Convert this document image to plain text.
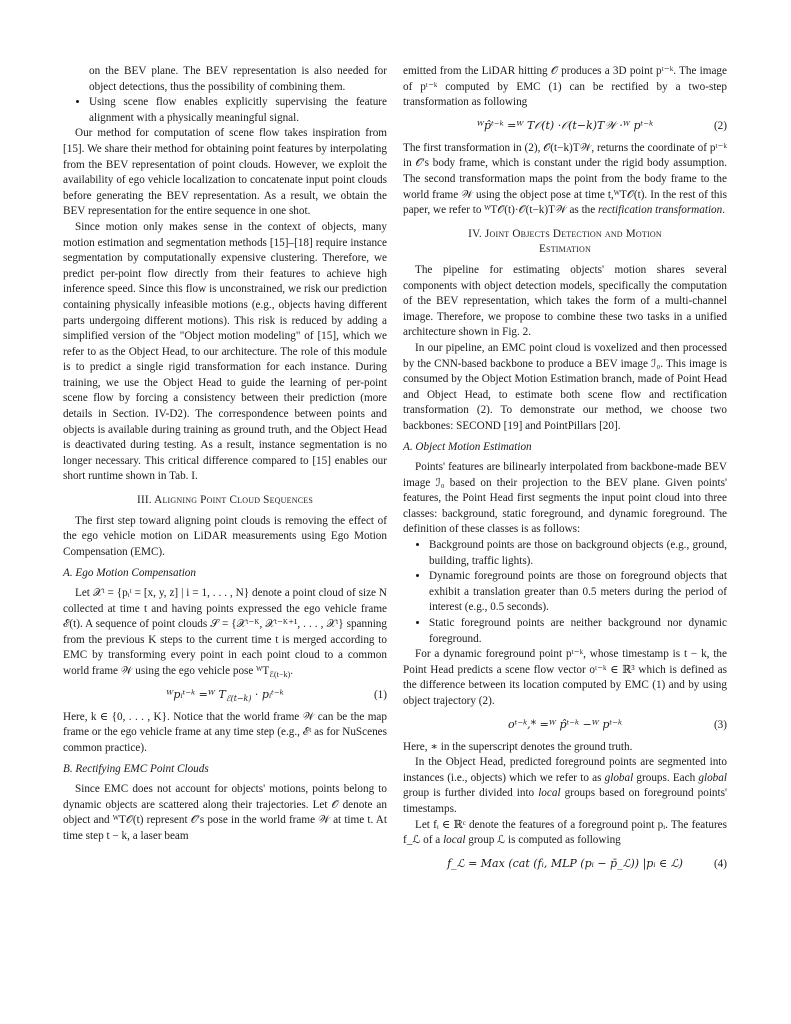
on the BEV plane. The BEV representation is also needed for object detections, thus the possibility of combining them.
• Using scene flow enables explicitly supervising the feature alignment with a physically meaningful signal.

Our method for computation of scene flow takes inspiration from [15]. We share their method for obtaining point features by interpolating from the BEV representation of point clouds. However, we exploit the availability of ego vehicle localization to concatenate input point clouds before generating the BEV representation. As a result, we obtain the BEV representation for the entire sequence in one shot.

Since motion only makes sense in the context of objects, many motion estimation and segmentation methods [15]–[18] require instance segmentation by computationally expensive clustering. Therefore, we predict per-point flow directly from their features to achieve high inference speed. Since this flow is unconstrained, we risk our prediction containing physically infeasible motions (e.g., objects having different parts undergoing different motions). This risk is reduced by adding a simplified version of the "Object motion modeling" of [15], which we refer to as the Object Head, to our architecture. The role of this module is to predict a single rigid transformation for each instance. During training, we use the Object Head to guide the learning of per-point scene flow by forcing a consistency between their prediction (more details in Section. IV-D2). The correspondence between points and objects is available during training as ground truth, and the Object Head is deactivated during testing. As a result, instance segmentation is no longer necessary. This critical difference compared to [15] enables our short runtime shown in Tab. I.

III. Aligning Point Cloud Sequences

The first step toward aligning point clouds is removing the effect of the ego vehicle motion on LiDAR measurements using Ego Motion Compensation (EMC).

A. Ego Motion Compensation

Let 𝒳ᵗ = {pᵢᵗ = [x, y, z] | i = 1, . . . , N} denote a point cloud of size N collected at time t and having points expressed the ego vehicle frame ℰ(t). A sequence of point clouds 𝒮 = {𝒳ᵗ⁻ᴷ, 𝒳ᵗ⁻ᴷ⁺¹, . . . , 𝒳ᵗ} spanning from the previous K steps to the current time t is merged according to EMC by transforming every point in each point cloud to a common world frame 𝒲 using the ego vehicle pose ᵂT$_{ℰ(t-k)}$.

ᵂpᵢᵗ⁻ᵏ =ᵂ $T_{ℰ(t-k)}$ · pᵢᵗ⁻ᵏ	(1)

Here, k ∈ {0, . . . , K}. Notice that the world frame 𝒲 can be the map frame or the ego vehicle frame at any time step (e.g., ℰᵗ as for NuScenes common practice).

B. Rectifying EMC Point Clouds

Since EMC does not account for objects' motions, points belong to dynamic objects are scattered along their trajectories. Let 𝒪 denote an object and ᵂT𝒪(t) represent 𝒪's pose in the world frame 𝒲 at time t. At time step t − k, a laser beam

emitted from the LiDAR hitting 𝒪 produces a 3D point pᵗ⁻ᵏ. The image of pᵗ⁻ᵏ computed by EMC (1) can be rectified by a two-step transformation as following

ᵂp̂ᵗ⁻ᵏ =ᵂ T𝒪(t) ·𝒪(t−k)T𝒲 ·ᵂ pᵗ⁻ᵏ	(2)

The first transformation in (2), 𝒪(t−k)T𝒲, returns the coordinate of pᵗ⁻ᵏ in 𝒪's body frame, which is constant under the rigid body assumption. The second transformation maps the point from the body frame to the world frame 𝒲 using the object pose at time t,ᵂT𝒪(t). In the rest of this paper, we refer to ᵂT𝒪(t)·𝒪(t−k)T𝒲 as the rectification transformation.

IV. Joint Objects Detection and Motion
Estimation

The pipeline for estimating objects' motion shares several components with object detection models, specifically the computation of the BEV representation, which takes the form of a multi-channel image. Therefore, we propose to combine these two tasks in a unified architecture shown in Fig. 2.

In our pipeline, an EMC point cloud is voxelized and then processed by the CNN-based backbone to produce a BEV image ℐ₀. This image is consumed by the Object Motion Estimation branch, made of Point Head and Object Head, to estimate both scene flow and rectification transformation (2). To demonstrate our method, we choose two backbones: SECOND [19] and PointPillars [20].

A. Object Motion Estimation

Points' features are bilinearly interpolated from backbone-made BEV image ℐ₀ based on their projection to the BEV plane. Given points' features, the Point Head first segments the input point cloud into three classes: background, static foreground, and dynamic foreground. The definition of these classes is as follows:

• Background points are those on background objects (e.g., ground, building, traffic lights).
• Dynamic foreground points are those on foreground objects that exhibit a translation greater than 0.5 meters during the period of interest (e.g., 0.5 seconds).
• Static foreground points are neither background nor dynamic foreground.

For a dynamic foreground point pᵗ⁻ᵏ, whose timestamp is t − k, the Point Head predicts a scene flow vector oᵗ⁻ᵏ ∈ ℝ³ which is defined as the difference between its location computed by EMC (1) and by using object trajectory (2).

oᵗ⁻ᵏ,* =ᵂ p̂ᵗ⁻ᵏ −ᵂ pᵗ⁻ᵏ	(3)

Here, ∗ in the superscript denotes the ground truth.

In the Object Head, predicted foreground points are segmented into instances (i.e., objects) which we refer to as global groups. Each global group is further divided into local groups based on foreground points' timestamps.

Let fᵢ ∈ ℝᶜ denote the features of a foreground point pᵢ. The features f_ℒ of a local group ℒ is computed as following

f_ℒ = Max (cat (fᵢ, MLP (pᵢ − p̄_ℒ)) |pᵢ ∈ ℒ)	(4)
